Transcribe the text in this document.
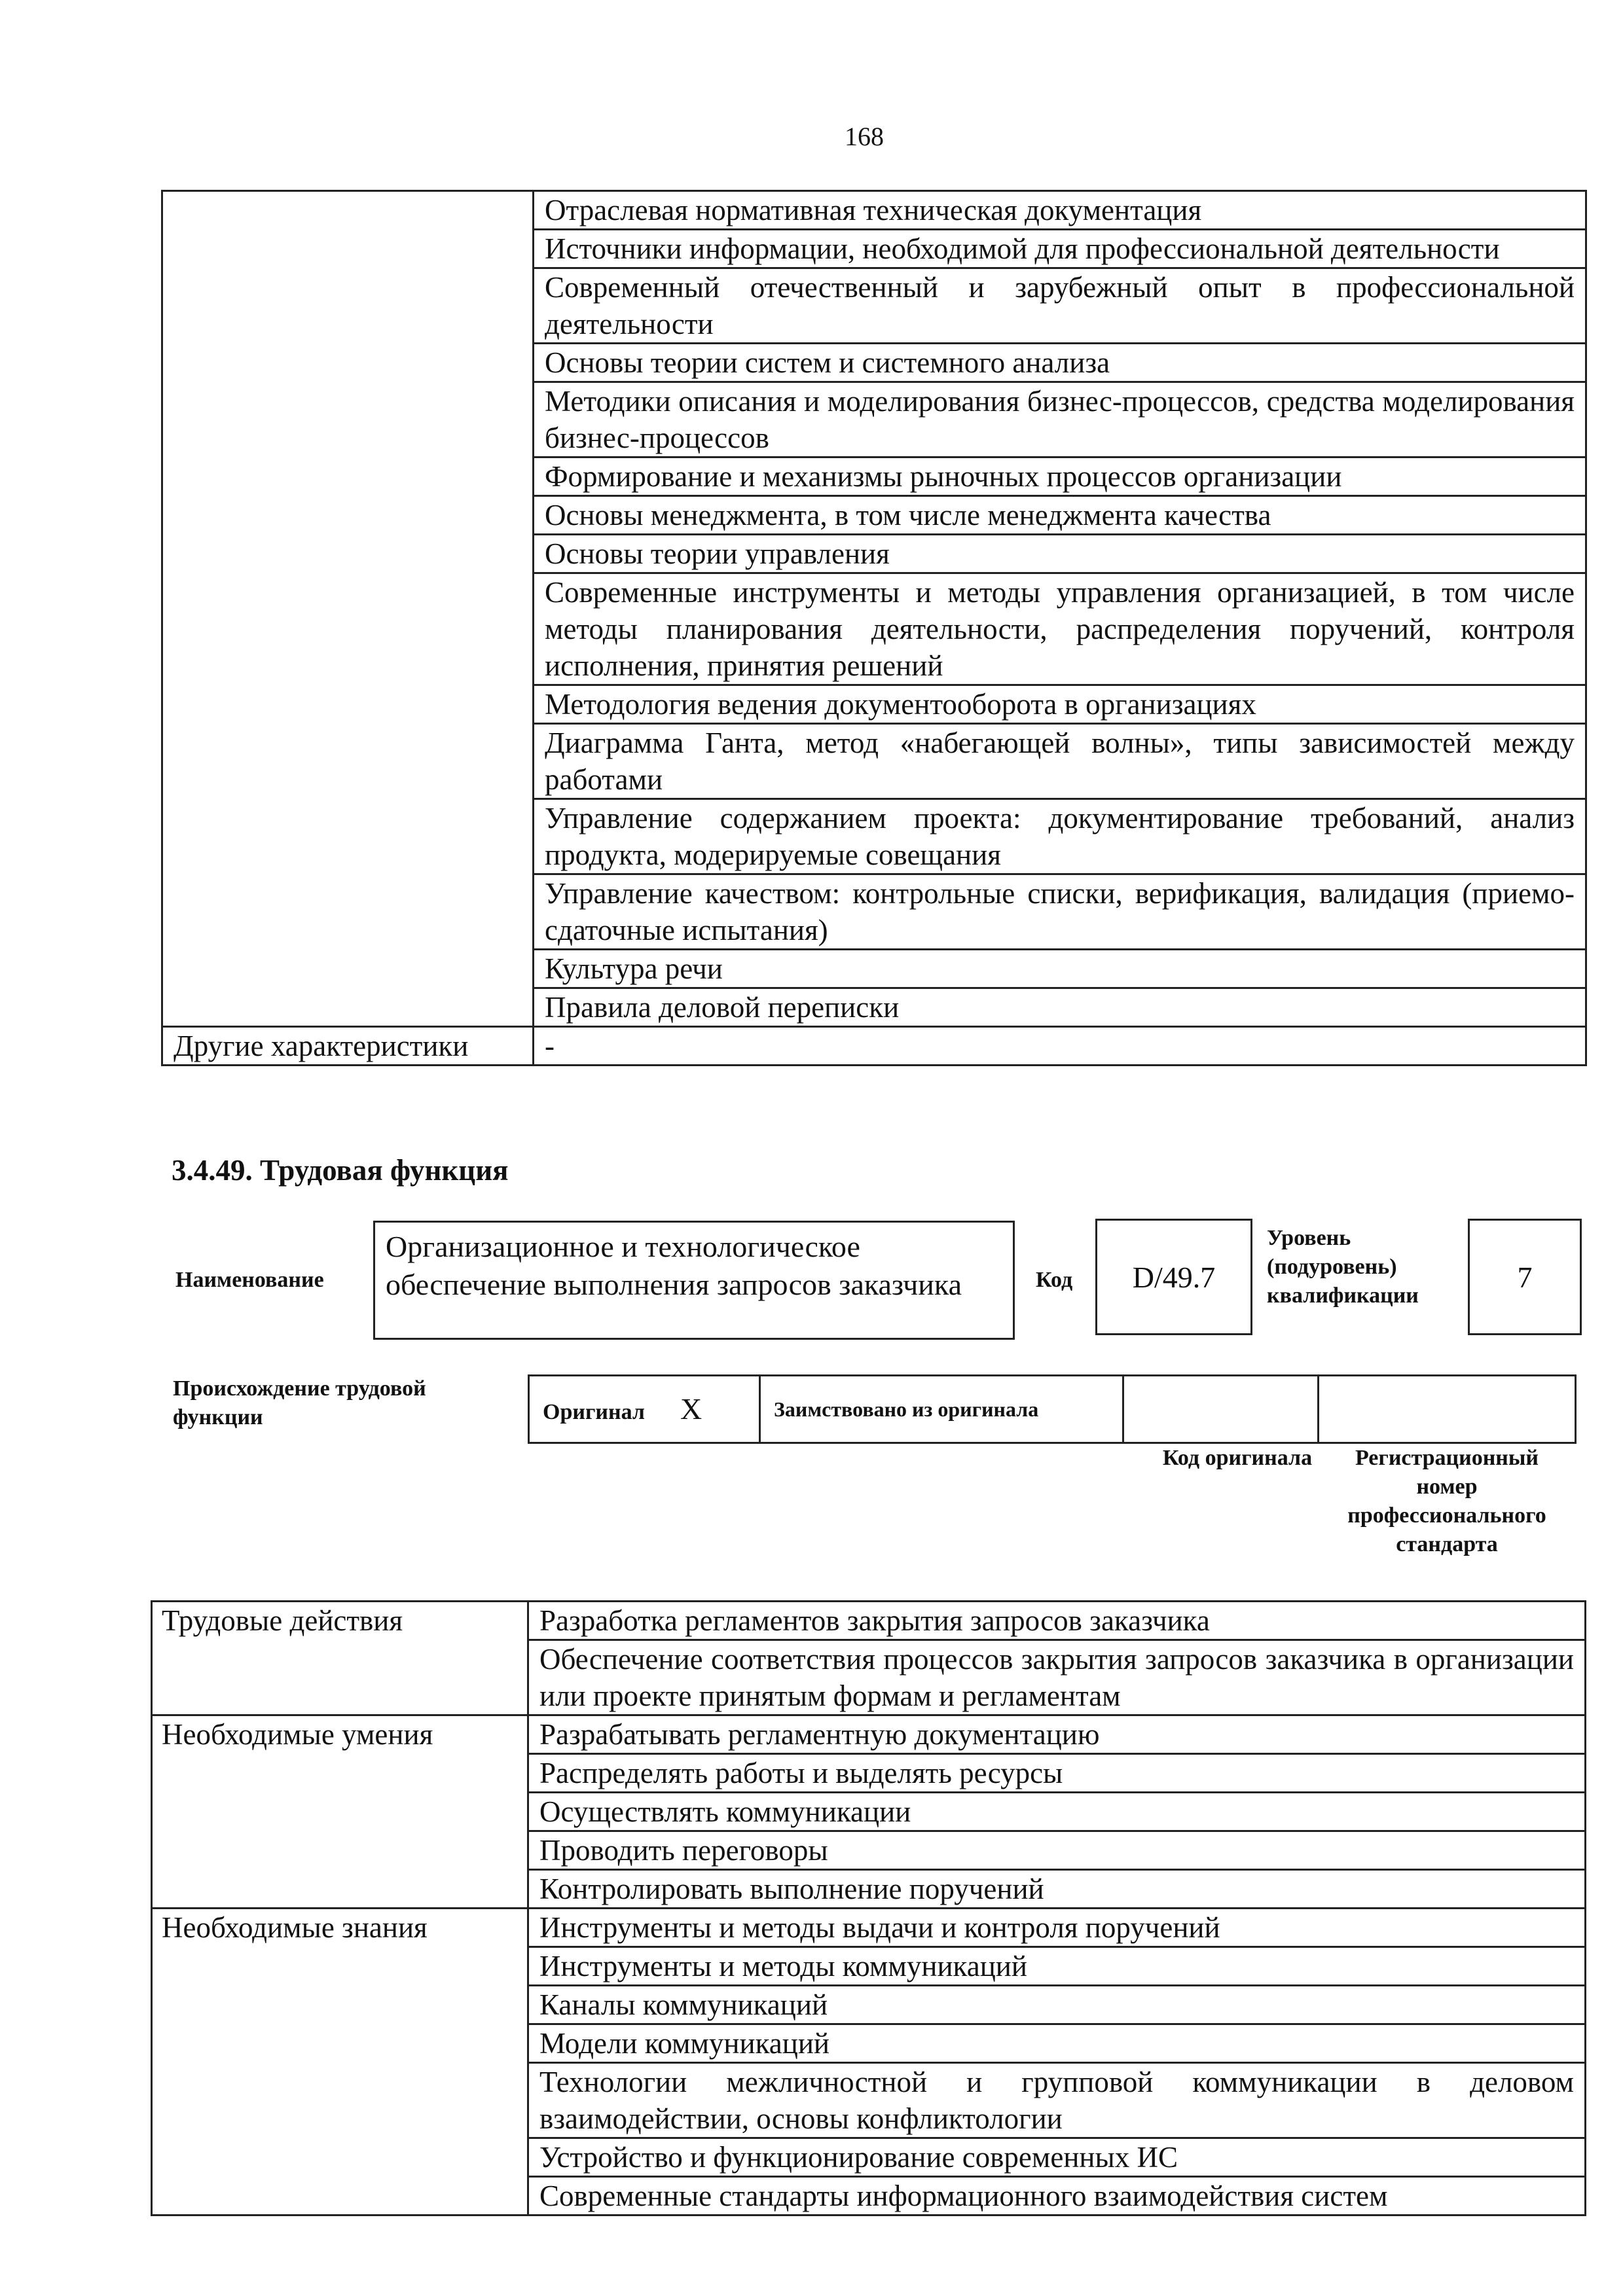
168
	Отраслевая нормативная техническая документация
	Источники информации, необходимой для профессиональной деятельности
	Современный отечественный и зарубежный опыт в профессиональной деятельности
	Основы теории систем и системного анализа
	Методики описания и моделирования бизнес-процессов, средства моделирования бизнес-процессов
	Формирование и механизмы рыночных процессов организации
	Основы менеджмента, в том числе менеджмента качества
	Основы теории управления
	Современные инструменты и методы управления организацией, в том числе методы планирования деятельности, распределения поручений, контроля исполнения, принятия решений
	Методология ведения документооборота в организациях
	Диаграмма Ганта, метод «набегающей волны», типы зависимостей между работами
	Управление содержанием проекта: документирование требований, анализ продукта, модерируемые совещания
	Управление качеством: контрольные списки, верификация, валидация (приемо-сдаточные испытания)
	Культура речи
	Правила деловой переписки
Другие характеристики	-
3.4.49. Трудовая функция
Наименование
Организационное и технологическое обеспечение выполнения запросов заказчика	Код	D/49.7
Уровень (подуровень) квалификации
7
Происхождение трудовой функции	Оригинал X	Заимствовано из оригинала		
Код оригинала	Регистрационный номер профессионального стандарта
Трудовые действия	Разработка регламентов закрытия запросов заказчика
	Обеспечение соответствия процессов закрытия запросов заказчика в организации или проекте принятым формам и регламентам
Необходимые умения	Разрабатывать регламентную документацию
	Распределять работы и выделять ресурсы
	Осуществлять коммуникации
	Проводить переговоры
	Контролировать выполнение поручений
Необходимые знания	Инструменты и методы выдачи и контроля поручений
	Инструменты и методы коммуникаций
	Каналы коммуникаций
	Модели коммуникаций
	Технологии межличностной и групповой коммуникации в деловом взаимодействии, основы конфликтологии
	Устройство и функционирование современных ИС
	Современные стандарты информационного взаимодействия систем
